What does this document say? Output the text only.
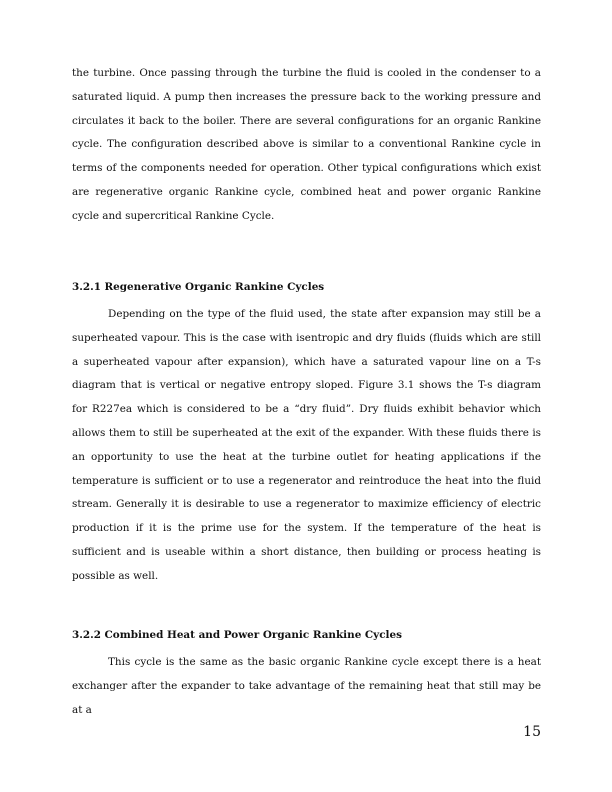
the turbine. Once passing through the turbine the fluid is cooled in the condenser to a saturated liquid. A pump then increases the pressure back to the working pressure and circulates it back to the boiler. There are several configurations for an organic Rankine cycle. The configuration described above is similar to a conventional Rankine cycle in terms of the components needed for operation. Other typical configurations which exist are regenerative organic Rankine cycle, combined heat and power organic Rankine cycle and supercritical Rankine Cycle.

3.2.1 Regenerative Organic Rankine Cycles

Depending on the type of the fluid used, the state after expansion may still be a superheated vapour. This is the case with isentropic and dry fluids (fluids which are still a superheated vapour after expansion), which have a saturated vapour line on a T-s diagram that is vertical or negative entropy sloped. Figure 3.1 shows the T-s diagram for R227ea which is considered to be a “dry fluid”. Dry fluids exhibit behavior which allows them to still be superheated at the exit of the expander. With these fluids there is an opportunity to use the heat at the turbine outlet for heating applications if the temperature is sufficient or to use a regenerator and reintroduce the heat into the fluid stream. Generally it is desirable to use a regenerator to maximize efficiency of electric production if it is the prime use for the system. If the temperature of the heat is sufficient and is useable within a short distance, then building or process heating is possible as well.

3.2.2 Combined Heat and Power Organic Rankine Cycles

This cycle is the same as the basic organic Rankine cycle except there is a heat exchanger after the expander to take advantage of the remaining heat that still may be at a

15
